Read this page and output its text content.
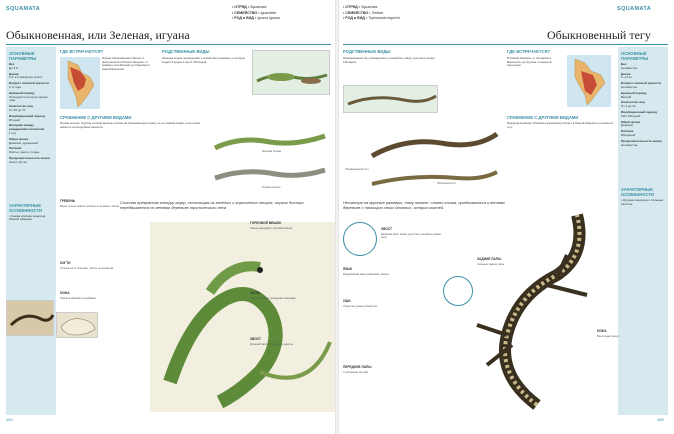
SQUAMATA	• ОТРЯД • Squamata
• СЕМЕЙСТВО • Iguanidae
• РОД и ВИД • Iguana iguana
Обыкновенная, или Зеленая, игуана
ОСНОВНЫЕ ПАРАМЕТРЫ

Вес
До 4 кг

Длина
1,5–2 м (включая хвост)

Возраст половой зрелости
2–3 года

Брачный период
Приходится на сухое время года

Количество яиц
От 20 до 70

Инкубационный период
90 дней

Интервал между рождениями потомства
1 год

Образ жизни
Дневной, древесный

Питание
Листья, цветы, плоды

Продолжительность жизни
Около 10 лет

ХАРАКТЕРНЫЕ ОСОБЕННОСТИ

• Самая крупная ящерица Южной Америки.

ГДЕ ВСТРЕЧАЕТСЯ?
Игуана обыкновенная обитает в Центральной и Южной Америке, от крайнего юга Мексики до Парагвая и южной Бразилии.
РОДСТВЕННЫЕ ВИДЫ
Зеленая игуана принадлежит к семейству игуановых, в которое входит 8 родов и около 700 видов.
СРАВНЕНИЕ С ДРУГИМИ ВИДАМИ
Игуана носорог (Cyclura cornuta) внешне похожа на обыкновенную игуану, но ее окраска серая, а на голове имеются рогоподобные выросты.
Зеленая игуана
Игуана-носорог
Сильная прекрасная кенгуру-ящер, состоящая из зеленых и коричневых чешуек, игуана быстро передвигается по ветвям деревьев тропического леса
ГРЕБЕНЬ
Вдоль спины тянется гребень из длинных шипов.
КОГТИ
Острые когти помогают лазать по деревьям.
КОЖА
Покрыта мелкими чешуйками.
ГОРЛОВОЙ МЕШОК
Самцы раздувают горловой мешок.
ЛАПЫ
Сильные лапы с длинными пальцами.
ХВОСТ
Длинный хвост служит для защиты.
484
SQUAMATA
• ОТРЯД • Squamata
• СЕМЕЙСТВО • Teiidae
• РОД и ВИД • Tupinambis teguixin
Обыкновенный тегу
ОСНОВНЫЕ ПАРАМЕТРЫ

Вес
Неизвестен

Длина
1–1,5 м

Возраст половой зрелости
Неизвестен

Брачный период
Весной

Количество яиц
От 4 до 32

Инкубационный период
140–160 дней

Образ жизни
Дневной

Питание
Всеядный

Продолжительность жизни
Неизвестна

ХАРАКТЕРНЫЕ ОСОБЕННОСТИ

• Крупная ящерица с сильным хвостом.

РОДСТВЕННЫЕ ВИДЫ
Обыкновенный тегу принадлежит к семейству тейид, в которое входит 118 видов.
ГДЕ ВСТРЕЧАЕТСЯ?
В Южной Америке, от Колумбии и Венесуэлы до Уругвая и северной Аргентины.
СРАВНЕНИЕ С ДРУГИМИ ВИДАМИ
Ящерица-крокодил (Dracaena guianensis) обитает в Южной Америке и похожа на тегу.
Обыкновенный тегу
Полосатый тегу
Несмотря на крупные размеры, тегу может, словно кошка, приближаться к ветвям деревьев с помощью своих длинных, острых когтей.
ХВОСТ
Длинный хвост может достигать половины длины тела.
ЯЗЫК
Раздвоенный язык улавливает запахи.
ЗАДНИЕ ЛАПЫ
Сильные задние лапы.
УШИ
Открытые ушные отверстия.
ПЕРЕДНИЕ ЛАПЫ
С длинными когтями.
КОЖА
Блестящая чешуя.
485
